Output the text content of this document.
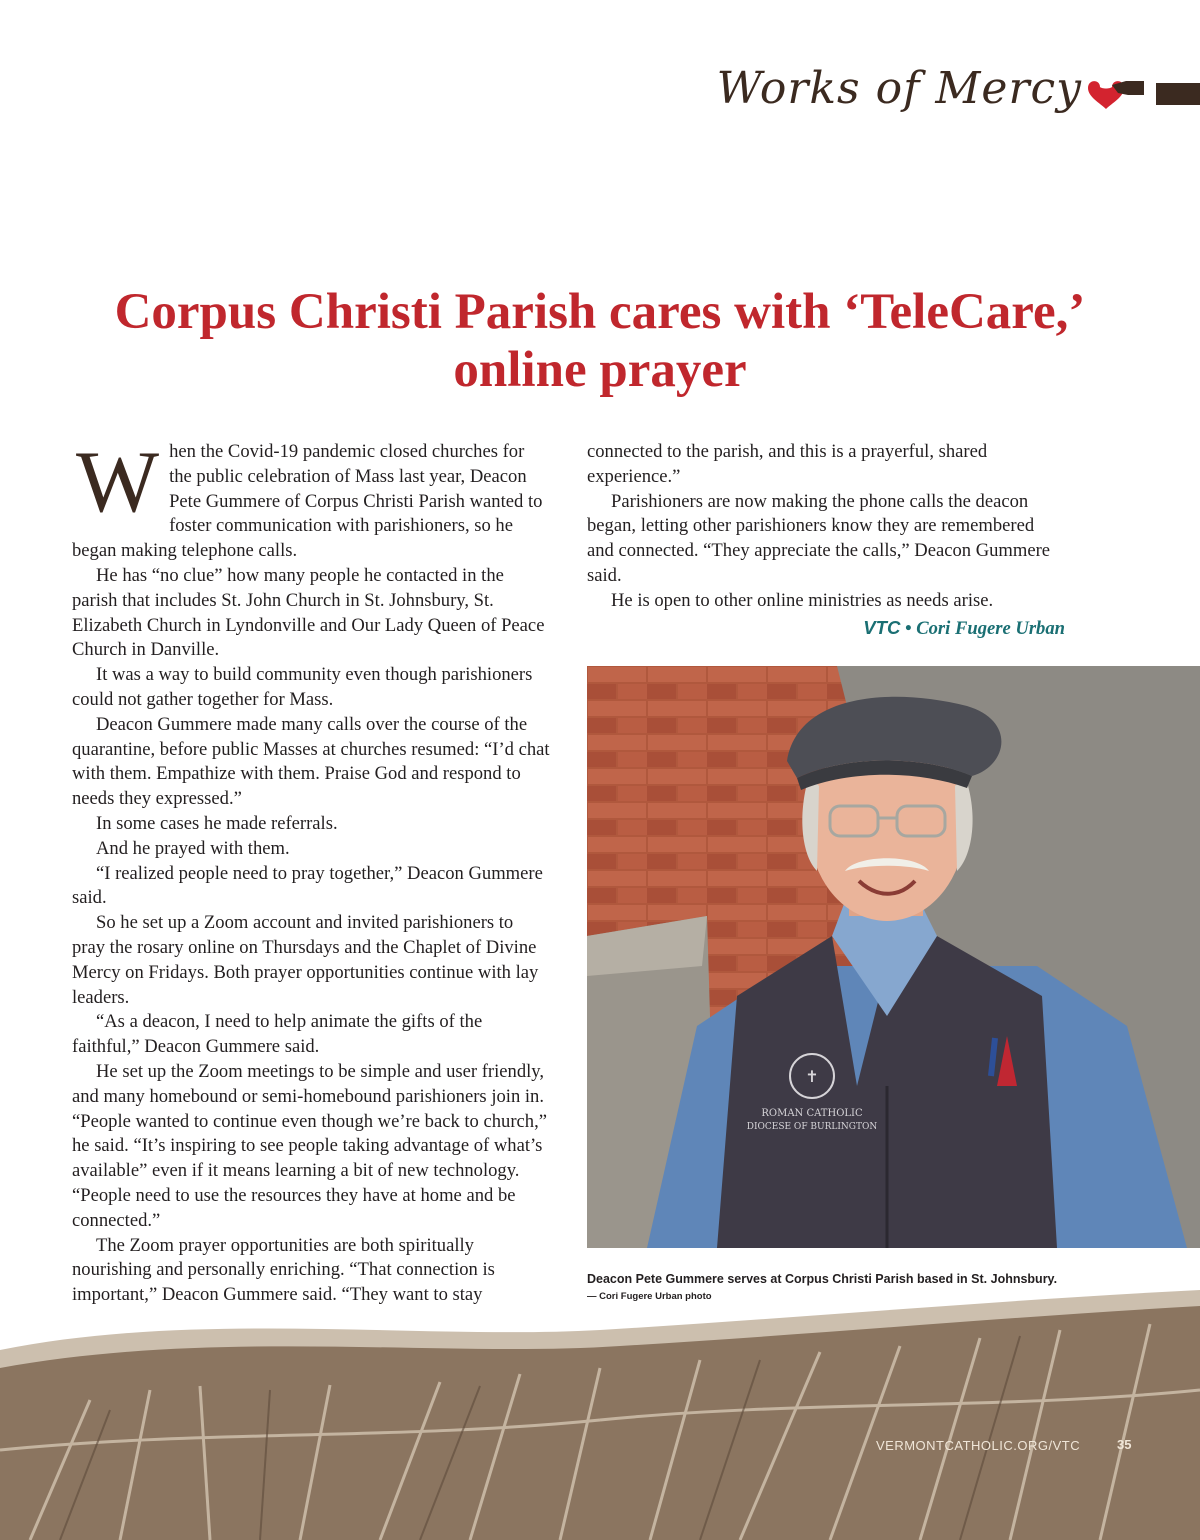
Works of Mercy
Corpus Christi Parish cares with ‘TeleCare,’ online prayer

When the Covid-19 pandemic closed churches for the public celebration of Mass last year, Deacon Pete Gummere of Corpus Christi Parish wanted to foster communication with parishioners, so he began making telephone calls.

He has “no clue” how many people he contacted in the parish that includes St. John Church in St. Johnsbury, St. Elizabeth Church in Lyndonville and Our Lady Queen of Peace Church in Danville.

It was a way to build community even though parishioners could not gather together for Mass.

Deacon Gummere made many calls over the course of the quarantine, before public Masses at churches resumed: “I’d chat with them. Empathize with them. Praise God and respond to needs they expressed.”

In some cases he made referrals.

And he prayed with them.

“I realized people need to pray together,” Deacon Gummere said.

So he set up a Zoom account and invited parishioners to pray the rosary online on Thursdays and the Chaplet of Divine Mercy on Fridays. Both prayer opportunities continue with lay leaders.

“As a deacon, I need to help animate the gifts of the faithful,” Deacon Gummere said.

He set up the Zoom meetings to be simple and user friendly, and many homebound or semi-homebound parishioners join in. “People wanted to continue even though we’re back to church,” he said. “It’s inspiring to see people taking advantage of what’s available” even if it means learning a bit of new technology. “People need to use the resources they have at home and be connected.”

The Zoom prayer opportunities are both spiritually nourishing and personally enriching. “That connection is important,” Deacon Gummere said. “They want to stay

connected to the parish, and this is a prayerful, shared experience.”

Parishioners are now making the phone calls the deacon began, letting other parishioners know they are remembered and connected. “They appreciate the calls,” Deacon Gummere said.

He is open to other online ministries as needs arise.

VTC • Cori Fugere Urban
✝
ROMAN CATHOLIC
DIOCESE OF BURLINGTON
Deacon Pete Gummere serves at Corpus Christi Parish based in St. Johnsbury.
— Cori Fugere Urban photo
VERMONTCATHOLIC.ORG/VTC	35
